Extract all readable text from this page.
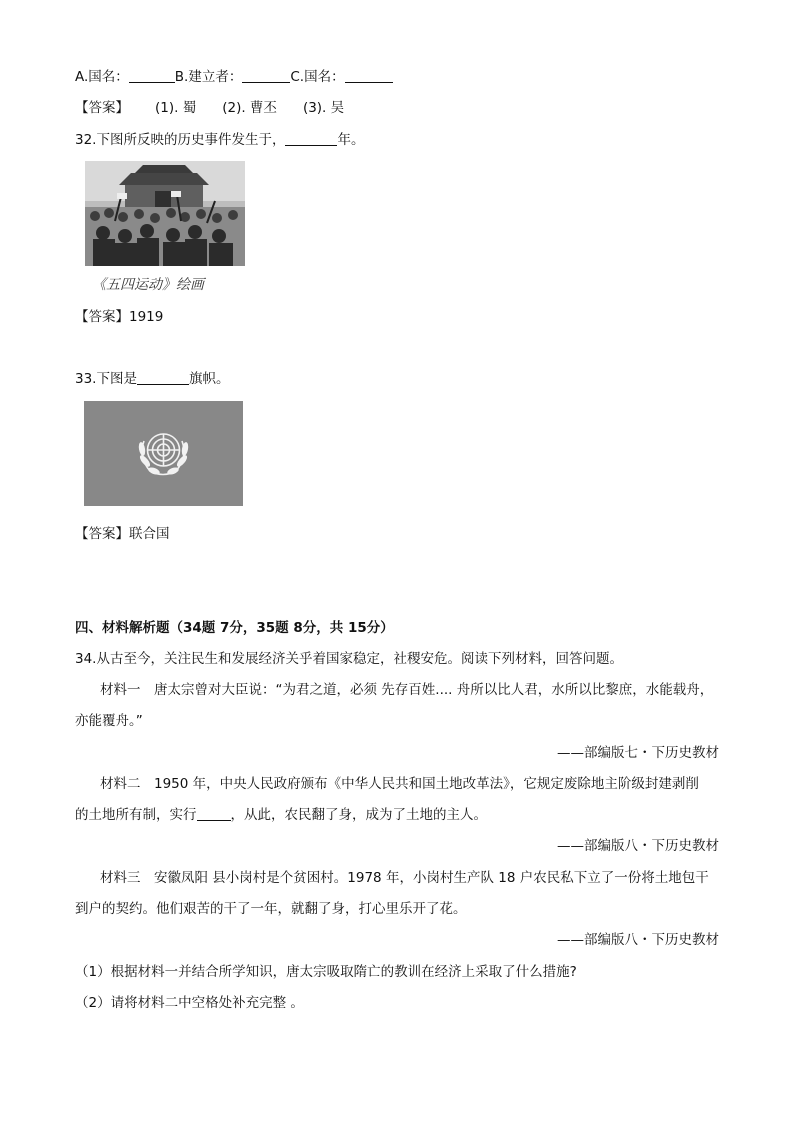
A.国名：	B.建立者：	C.国名：
【答案】 (1). 蜀 (2). 曹丕 (3). 吴
32.下图所反映的历史事件发生于，	年。
《五四运动》绘画
【答案】1919
33.下图是	旗帜。
【答案】联合国
四、材料解析题（34题 7分，35题 8分，共 15分）
34.从古至今，关注民生和发展经济关乎着国家稳定，社稷安危。阅读下列材料，回答问题。
材料一　唐太宗曾对大臣说：“为君之道，必须 先存百姓.... 舟所以比人君，水所以比黎庶，水能载舟，
亦能覆舟。”
——部编版七・下历史教材
材料二　1950 年，中央人民政府颁布《中华人民共和国土地改革法》，它规定废除地主阶级封建剥削
的土地所有制，实行	，从此，农民翻了身，成为了土地的主人。
——部编版八・下历史教材
材料三　安徽凤阳 县小岗村是个贫困村。1978 年，小岗村生产队 18 户农民私下立了一份将土地包干
到户的契约。他们艰苦的干了一年，就翻了身，打心里乐开了花。
——部编版八・下历史教材
（1）根据材料一并结合所学知识，唐太宗吸取隋亡的教训在经济上采取了什么措施?
（2）请将材料二中空格处补充完整 。
